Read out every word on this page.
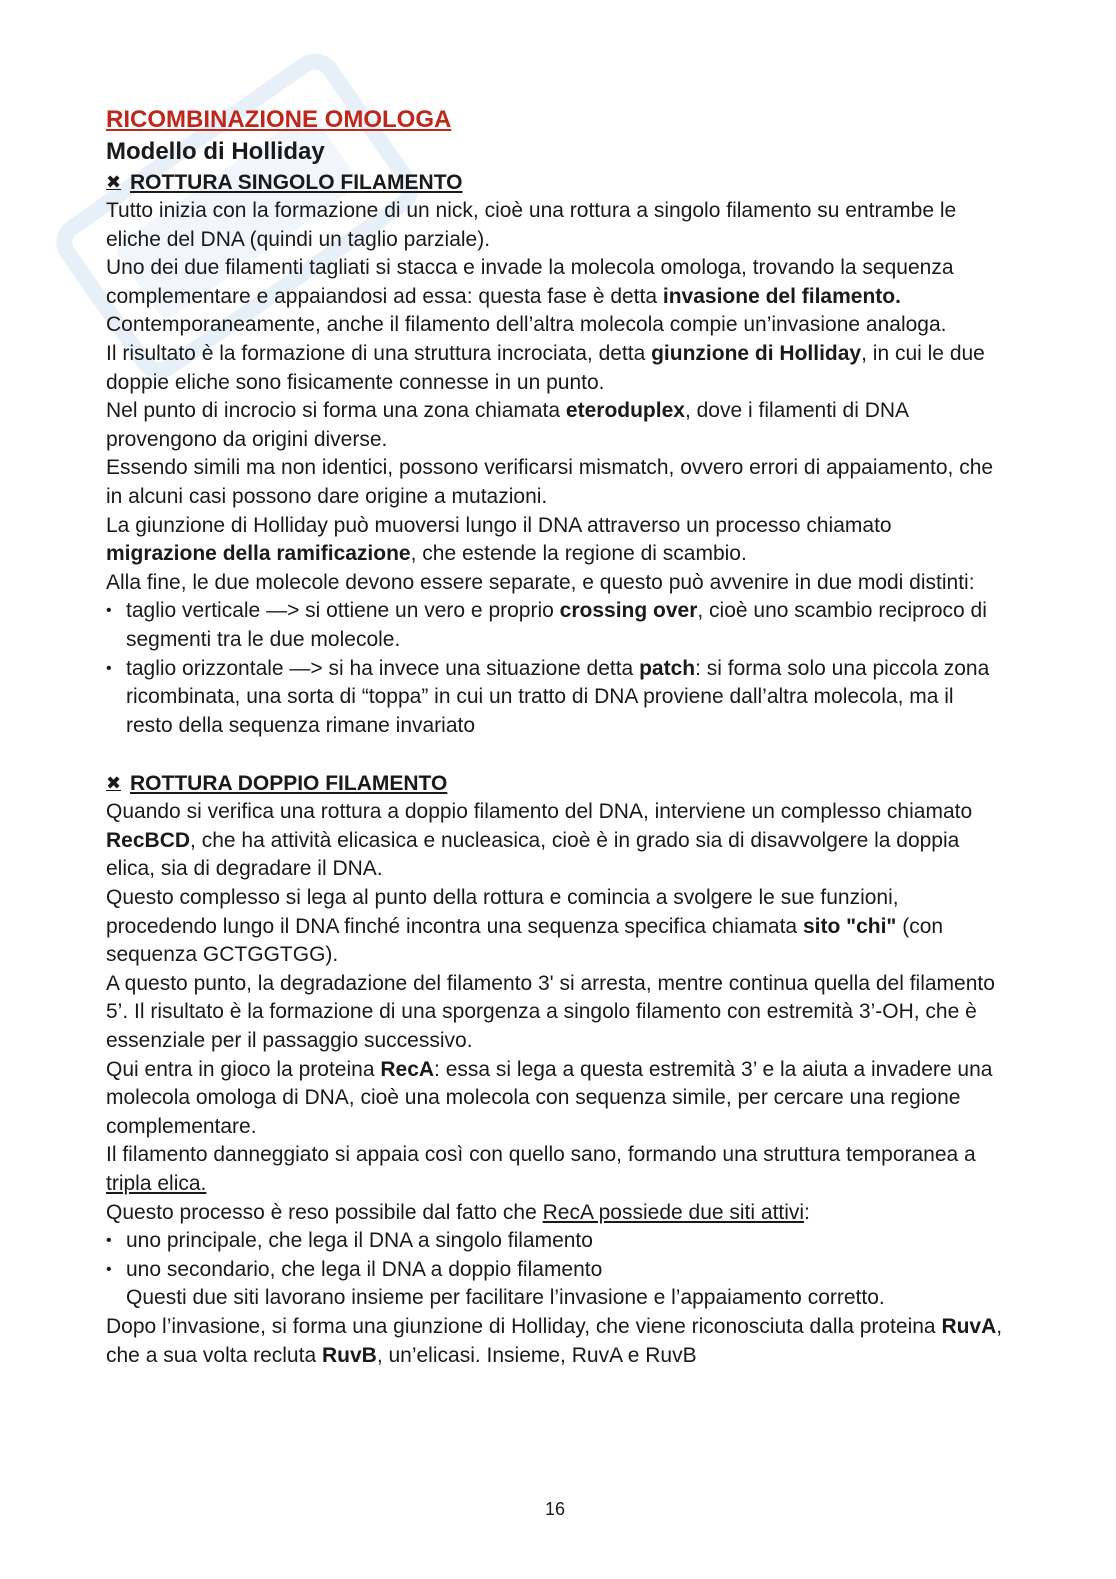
RICOMBINAZIONE OMOLOGA
Modello di Holliday
✖ ROTTURA SINGOLO FILAMENTO

Tutto inizia con la formazione di un nick, cioè una rottura a singolo filamento su entrambe le eliche del DNA (quindi un taglio parziale).

Uno dei due filamenti tagliati si stacca e invade la molecola omologa, trovando la sequenza complementare e appaiandosi ad essa: questa fase è detta invasione del filamento. Contemporaneamente, anche il filamento dell’altra molecola compie un’invasione analoga.

Il risultato è la formazione di una struttura incrociata, detta giunzione di Holliday, in cui le due doppie eliche sono fisicamente connesse in un punto.

Nel punto di incrocio si forma una zona chiamata eteroduplex, dove i filamenti di DNA provengono da origini diverse.

Essendo simili ma non identici, possono verificarsi mismatch, ovvero errori di appaiamento, che in alcuni casi possono dare origine a mutazioni.

La giunzione di Holliday può muoversi lungo il DNA attraverso un processo chiamato migrazione della ramificazione, che estende la regione di scambio.

Alla fine, le due molecole devono essere separate, e questo può avvenire in due modi distinti:

• taglio verticale —> si ottiene un vero e proprio crossing over, cioè uno scambio reciproco di segmenti tra le due molecole.
• taglio orizzontale —> si ha invece una situazione detta patch: si forma solo una piccola zona ricombinata, una sorta di “toppa” in cui un tratto di DNA proviene dall’altra molecola, ma il resto della sequenza rimane invariato
✖ ROTTURA DOPPIO FILAMENTO

Quando si verifica una rottura a doppio filamento del DNA, interviene un complesso chiamato RecBCD, che ha attività elicasica e nucleasica, cioè è in grado sia di disavvolgere la doppia elica, sia di degradare il DNA.

Questo complesso si lega al punto della rottura e comincia a svolgere le sue funzioni, procedendo lungo il DNA finché incontra una sequenza specifica chiamata sito "chi" (con sequenza GCTGGTGG).

A questo punto, la degradazione del filamento 3' si arresta, mentre continua quella del filamento 5’. Il risultato è la formazione di una sporgenza a singolo filamento con estremità 3’-OH, che è essenziale per il passaggio successivo.

Qui entra in gioco la proteina RecA: essa si lega a questa estremità 3’ e la aiuta a invadere una molecola omologa di DNA, cioè una molecola con sequenza simile, per cercare una regione complementare.

Il filamento danneggiato si appaia così con quello sano, formando una struttura temporanea a tripla elica.

Questo processo è reso possibile dal fatto che RecA possiede due siti attivi:

• uno principale, che lega il DNA a singolo filamento
• uno secondario, che lega il DNA a doppio filamento

Questi due siti lavorano insieme per facilitare l’invasione e l’appaiamento corretto.

Dopo l’invasione, si forma una giunzione di Holliday, che viene riconosciuta dalla proteina RuvA, che a sua volta recluta RuvB, un’elicasi. Insieme, RuvA e RuvB

16
